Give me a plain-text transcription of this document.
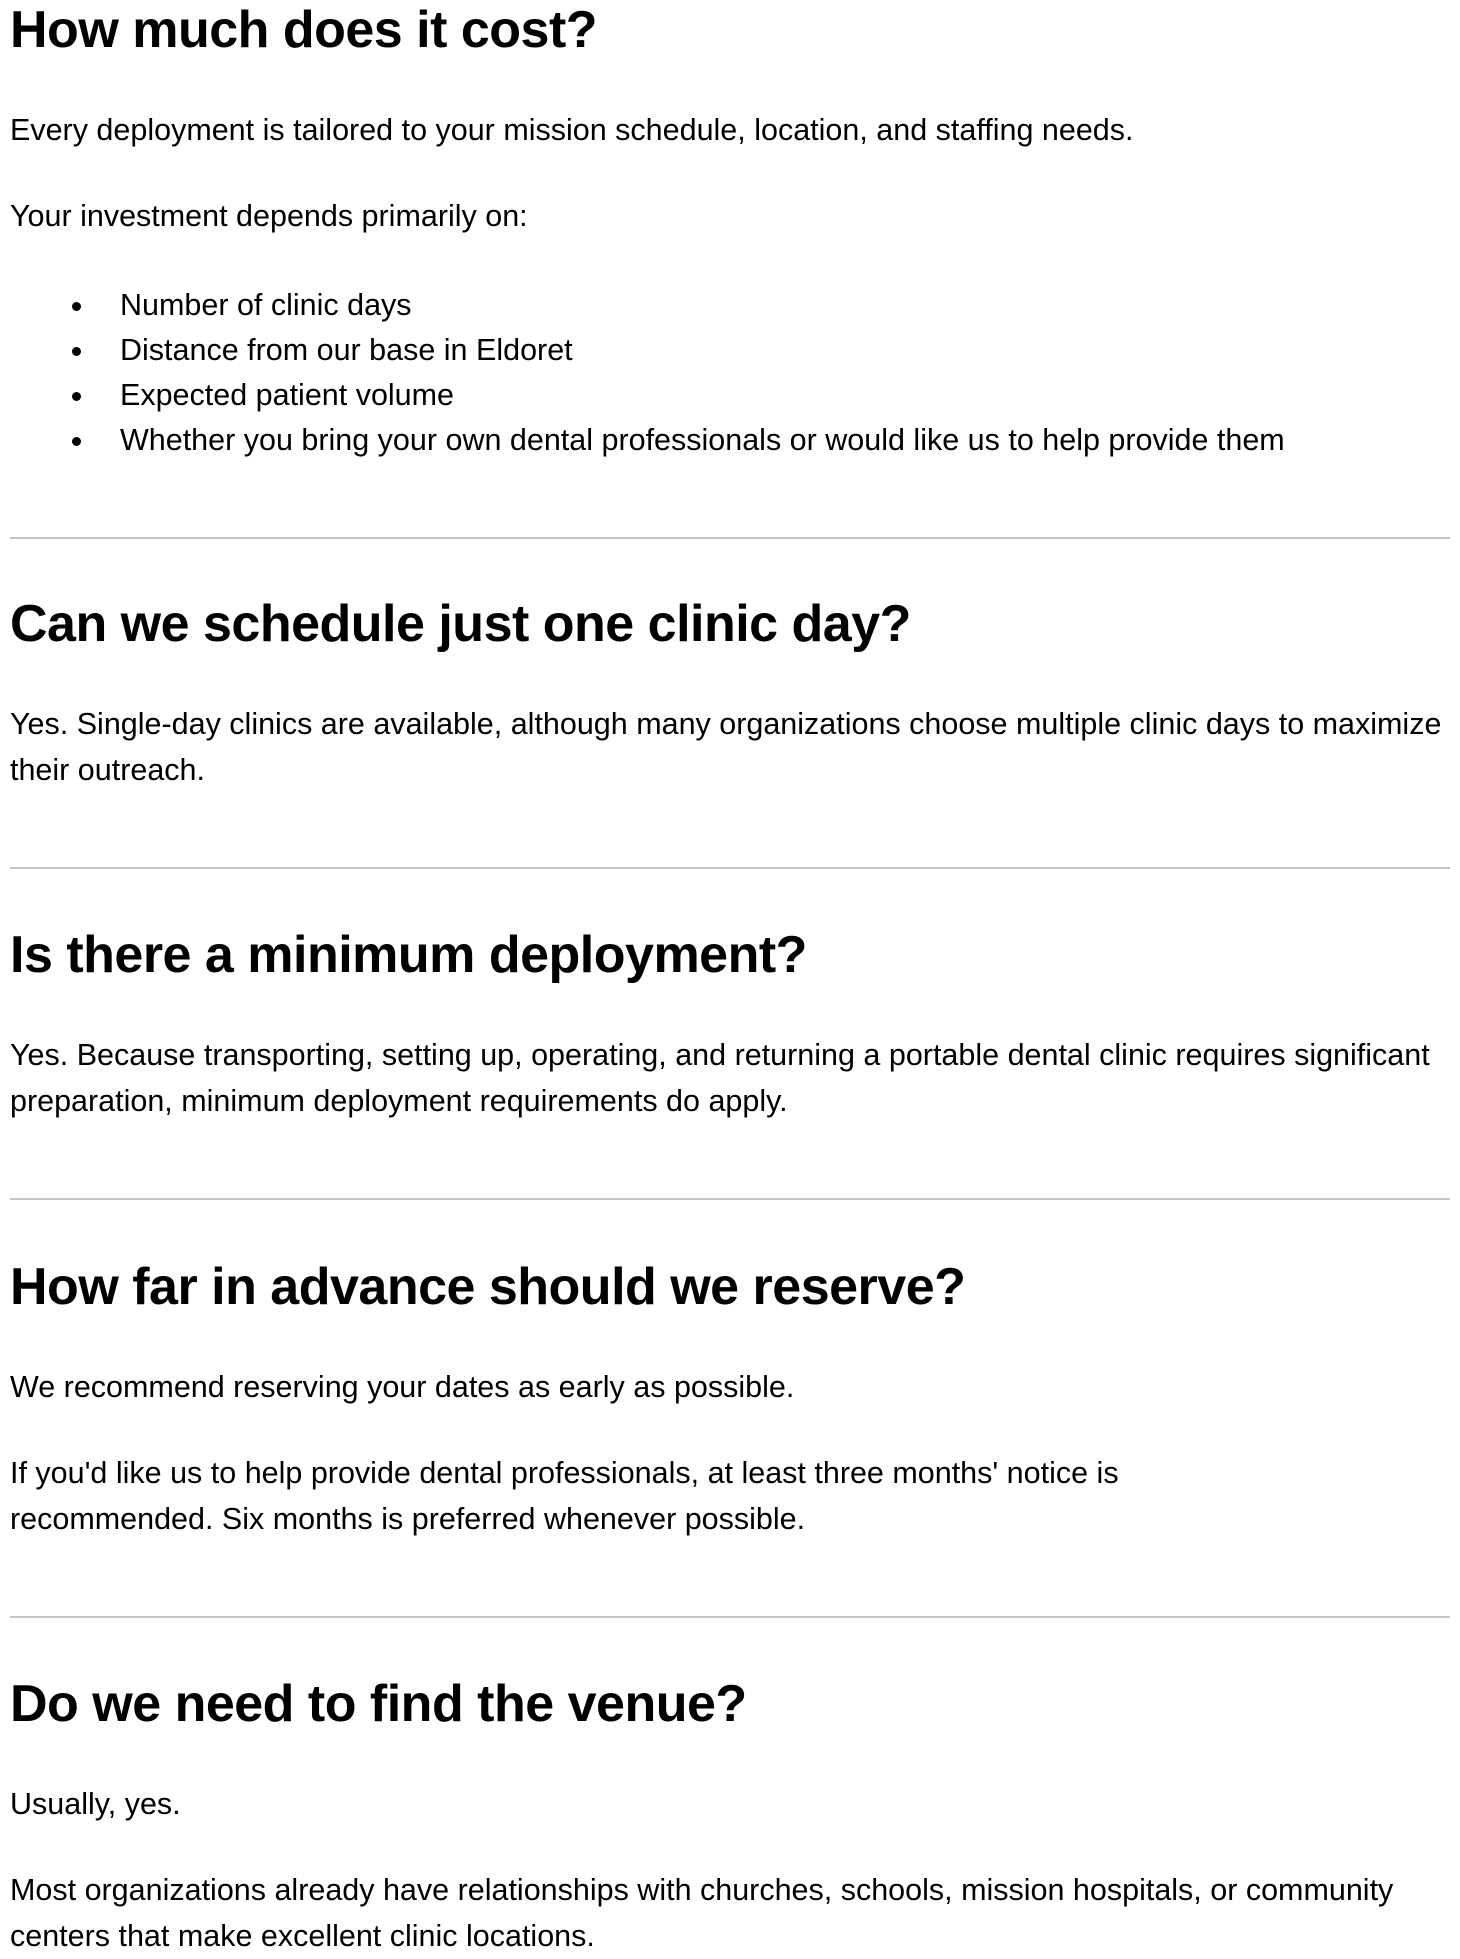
How much does it cost?

Every deployment is tailored to your mission schedule, location, and staffing needs.

Your investment depends primarily on:

Number of clinic days
Distance from our base in Eldoret
Expected patient volume
Whether you bring your own dental professionals or would like us to help provide them
Can we schedule just one clinic day?

Yes. Single-day clinics are available, although many organizations choose multiple clinic days to maximize their outreach.

Is there a minimum deployment?

Yes. Because transporting, setting up, operating, and returning a portable dental clinic requires significant preparation, minimum deployment requirements do apply.

How far in advance should we reserve?

We recommend reserving your dates as early as possible.

If you'd like us to help provide dental professionals, at least three months' notice is recommended. Six months is preferred whenever possible.

Do we need to find the venue?

Usually, yes.

Most organizations already have relationships with churches, schools, mission hospitals, or community centers that make excellent clinic locations.
